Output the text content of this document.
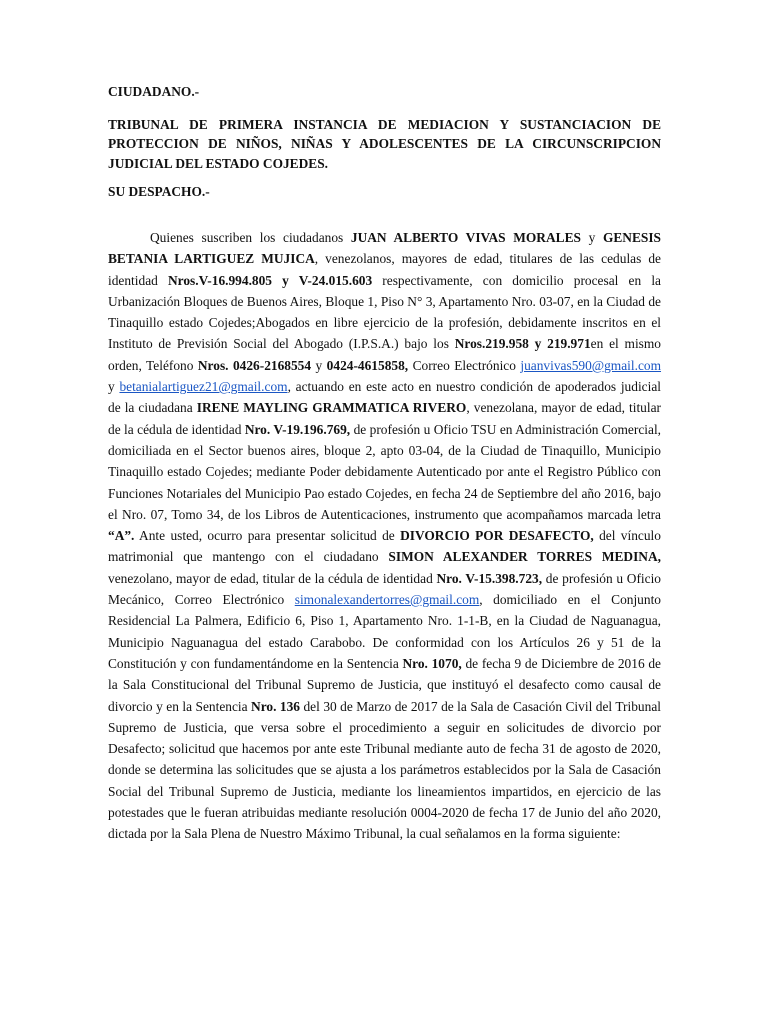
CIUDADANO.-

TRIBUNAL DE PRIMERA INSTANCIA DE MEDIACION Y SUSTANCIACION DE PROTECCION DE NIÑOS, NIÑAS Y ADOLESCENTES DE LA CIRCUNSCRIPCION JUDICIAL DEL ESTADO COJEDES.

SU DESPACHO.-

Quienes suscriben los ciudadanos JUAN ALBERTO VIVAS MORALES y GENESIS BETANIA LARTIGUEZ MUJICA, venezolanos, mayores de edad, titulares de las cedulas de identidad Nros.V-16.994.805 y V-24.015.603 respectivamente, con domicilio procesal en la Urbanización Bloques de Buenos Aires, Bloque 1, Piso N° 3, Apartamento Nro. 03-07, en la Ciudad de Tinaquillo estado Cojedes;Abogados en libre ejercicio de la profesión, debidamente inscritos en el Instituto de Previsión Social del Abogado (I.P.S.A.) bajo los Nros.219.958 y 219.971en el mismo orden, Teléfono Nros. 0426-2168554 y 0424-4615858, Correo Electrónico juanvivas590@gmail.com y betanialartiguez21@gmail.com, actuando en este acto en nuestro condición de apoderados judicial de la ciudadana IRENE MAYLING GRAMMATICA RIVERO, venezolana, mayor de edad, titular de la cédula de identidad Nro. V-19.196.769, de profesión u Oficio TSU en Administración Comercial, domiciliada en el Sector buenos aires, bloque 2, apto 03-04, de la Ciudad de Tinaquillo, Municipio Tinaquillo estado Cojedes; mediante Poder debidamente Autenticado por ante el Registro Público con Funciones Notariales del Municipio Pao estado Cojedes, en fecha 24 de Septiembre del año 2016, bajo el Nro. 07, Tomo 34, de los Libros de Autenticaciones, instrumento que acompañamos marcada letra “A”. Ante usted, ocurro para presentar solicitud de DIVORCIO POR DESAFECTO, del vínculo matrimonial que mantengo con el ciudadano SIMON ALEXANDER TORRES MEDINA, venezolano, mayor de edad, titular de la cédula de identidad Nro. V-15.398.723, de profesión u Oficio Mecánico, Correo Electrónico simonalexandertorres@gmail.com, domiciliado en el Conjunto Residencial La Palmera, Edificio 6, Piso 1, Apartamento Nro. 1-1-B, en la Ciudad de Naguanagua, Municipio Naguanagua del estado Carabobo. De conformidad con los Artículos 26 y 51 de la Constitución y con fundamentándome en la Sentencia Nro. 1070, de fecha 9 de Diciembre de 2016 de la Sala Constitucional del Tribunal Supremo de Justicia, que instituyó el desafecto como causal de divorcio y en la Sentencia Nro. 136 del 30 de Marzo de 2017 de la Sala de Casación Civil del Tribunal Supremo de Justicia, que versa sobre el procedimiento a seguir en solicitudes de divorcio por Desafecto; solicitud que hacemos por ante este Tribunal mediante auto de fecha 31 de agosto de 2020, donde se determina las solicitudes que se ajusta a los parámetros establecidos por la Sala de Casación Social del Tribunal Supremo de Justicia, mediante los lineamientos impartidos, en ejercicio de las potestades que le fueran atribuidas mediante resolución 0004-2020 de fecha 17 de Junio del año 2020, dictada por la Sala Plena de Nuestro Máximo Tribunal, la cual señalamos en la forma siguiente:
